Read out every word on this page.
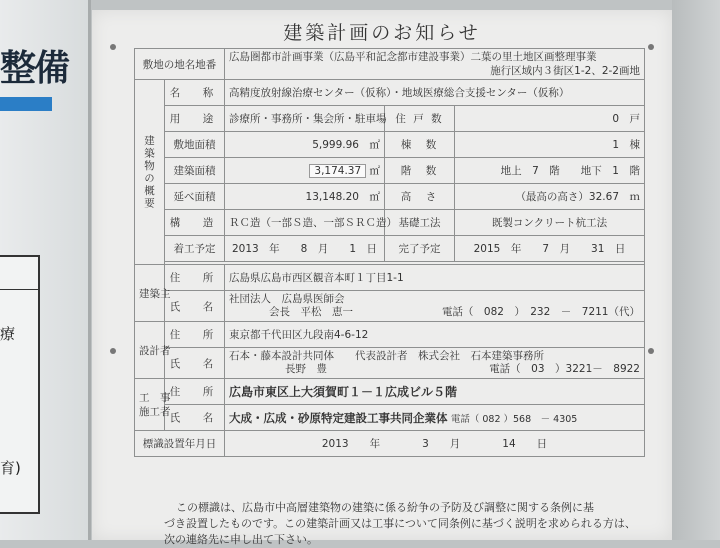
整備
療
育)
建築計画のお知らせ
敷地の地名地番		広島圏都市計画事業（広島平和記念都市建設事業）二葉の里土地区画整理事業
施行区域内３街区1-2、2-2画地		

建築物の概要	名　称	高精度放射線治療センター（仮称）・地域医療総合支援センター（仮称）		
	用　途	診療所・事務所・集会所・駐車場	住 戸 数	0　戸
	敷地面積	5,999.96　㎡	棟　数	1　棟
	建築面積	3,174.37 ㎡	階　数	地上　7　階　　地下　1　階
	延べ面積	13,148.20　㎡	高　さ	（最高の高さ）32.67　ｍ
	構　造	ＲＣ造（一部Ｓ造、一部ＳＲＣ造）	基礎工法	既製コンクリート杭工法
	着工予定	2013　年　　8　月　　1　日	完了予定	2015　年　　7　月　　31　日

建築主	住　所	広島県広島市西区観音本町１丁目1-1		
	氏　名	社団法人　広島県医師会
会長　平松　恵一 電話（　082　）　232　－　7211（代）		

設計者	住　所	東京都千代田区九段南4-6-12		
	氏　名	石本・藤本設計共同体　　代表設計者　株式会社　石本建築事務所
長野　豊 電話（　03　）3221－　8922		

工　事
施工者	住　所	広島市東区上大須賀町１－１広成ビル５階		
	氏　名	大成・広成・砂原特定建設工事共同企業体 電話（ 082 ）568　－ 4305		
標識設置年月日		2013　　年　　　　3　　月　　　　14　　日		
この標識は、広島市中高層建築物の建築に係る紛争の予防及び調整に関する条例に基
づき設置したものです。この建築計画又は工事について同条例に基づく説明を求められる方は、
次の連絡先に申し出て下さい。
